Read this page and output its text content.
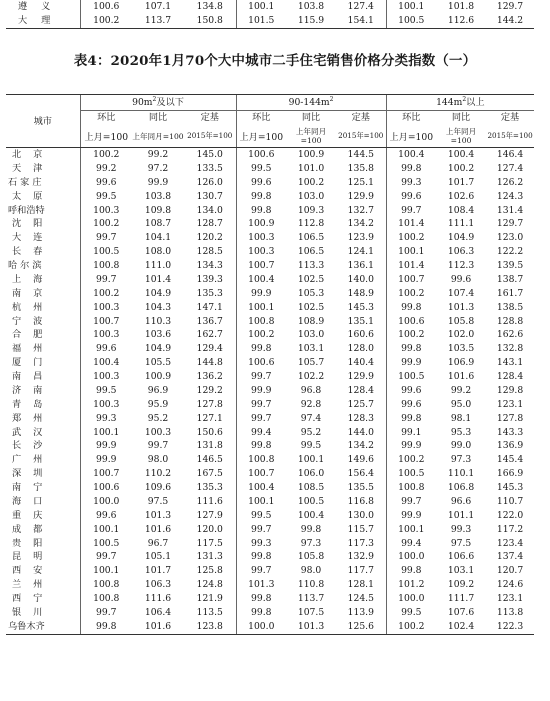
遵义	100.6	107.1	134.8	100.1	103.8	127.4	100.1	101.8	129.7
大理	100.2	113.7	150.8	101.5	115.9	154.1	100.5	112.6	144.2
表4：2020年1月70个大中城市二手住宅销售价格分类指数（一）
城市	$90m^2$及以下			$90-144m^2$			$144m^2$以上		
	环比	同比	定基	环比	同比	定基	环比	同比	定基
	上月=100	上年同月=100	2015年=100	上月=100	上年同月=100	2015年=100	上月=100	上年同月=100	2015年=100
北京	100.2	99.2	145.0	100.6	100.9	144.5	100.4	100.4	146.4
天津	99.2	97.2	133.5	99.5	101.0	135.8	99.8	100.2	127.4
石家庄	99.6	99.9	126.0	99.6	100.2	125.1	99.3	101.7	126.2
太原	99.5	103.8	130.7	99.8	103.0	129.9	99.6	102.6	124.3
呼和浩特	100.3	109.8	134.0	99.8	109.3	132.7	99.7	108.4	131.4
沈阳	100.2	108.7	128.7	100.9	112.8	134.2	101.4	111.1	129.7
大连	99.7	104.1	120.2	100.3	106.5	123.9	100.2	104.9	123.0
长春	100.5	108.0	128.5	100.3	106.5	124.1	100.1	106.3	122.2
哈尔滨	100.8	111.0	134.3	100.7	113.3	136.1	101.4	112.3	139.5
上海	99.7	101.4	139.3	100.4	102.5	140.0	100.7	99.6	138.7
南京	100.2	104.9	135.3	99.9	105.3	148.9	100.2	107.4	161.7
杭州	100.3	104.3	147.1	100.1	102.5	145.3	99.8	101.3	138.5
宁波	100.7	110.3	136.7	100.8	108.9	135.1	100.6	105.8	128.8
合肥	100.3	103.6	162.7	100.2	103.0	160.6	100.2	102.0	162.6
福州	99.6	104.9	129.4	99.8	103.1	128.0	99.8	103.5	132.8
厦门	100.4	105.5	144.8	100.6	105.7	140.4	99.9	106.9	143.1
南昌	100.3	100.9	136.2	99.7	102.2	129.9	100.5	101.6	128.4
济南	99.5	96.9	129.2	99.9	96.8	128.4	99.6	99.2	129.8
青岛	100.3	95.9	127.8	99.7	92.8	125.7	99.6	95.0	123.1
郑州	99.3	95.2	127.1	99.7	97.4	128.3	99.8	98.1	127.8
武汉	100.1	100.3	150.6	99.4	95.2	144.0	99.1	95.3	143.3
长沙	99.9	99.7	131.8	99.8	99.5	134.2	99.9	99.0	136.9
广州	99.9	98.0	146.5	100.8	100.1	149.6	100.2	97.3	145.4
深圳	100.7	110.2	167.5	100.7	106.0	156.4	100.5	110.1	166.9
南宁	100.6	109.6	135.3	100.4	108.5	135.5	100.8	106.8	145.3
海口	100.0	97.5	111.6	100.1	100.5	116.8	99.7	96.6	110.7
重庆	99.6	101.3	127.9	99.5	100.4	130.0	99.9	101.1	122.0
成都	100.1	101.6	120.0	99.7	99.8	115.7	100.1	99.3	117.2
贵阳	100.5	96.7	117.5	99.3	97.3	117.3	99.4	97.5	123.4
昆明	99.7	105.1	131.3	99.8	105.8	132.9	100.0	106.6	137.4
西安	100.1	101.7	125.8	99.7	98.0	117.7	99.8	103.1	120.7
兰州	100.8	106.3	124.8	101.3	110.8	128.1	101.2	109.2	124.6
西宁	100.8	111.6	121.9	99.8	113.7	124.5	100.0	111.7	123.1
银川	99.7	106.4	113.5	99.8	107.5	113.9	99.5	107.6	113.8
乌鲁木齐	99.8	101.6	123.8	100.0	101.3	125.6	100.2	102.4	122.3
